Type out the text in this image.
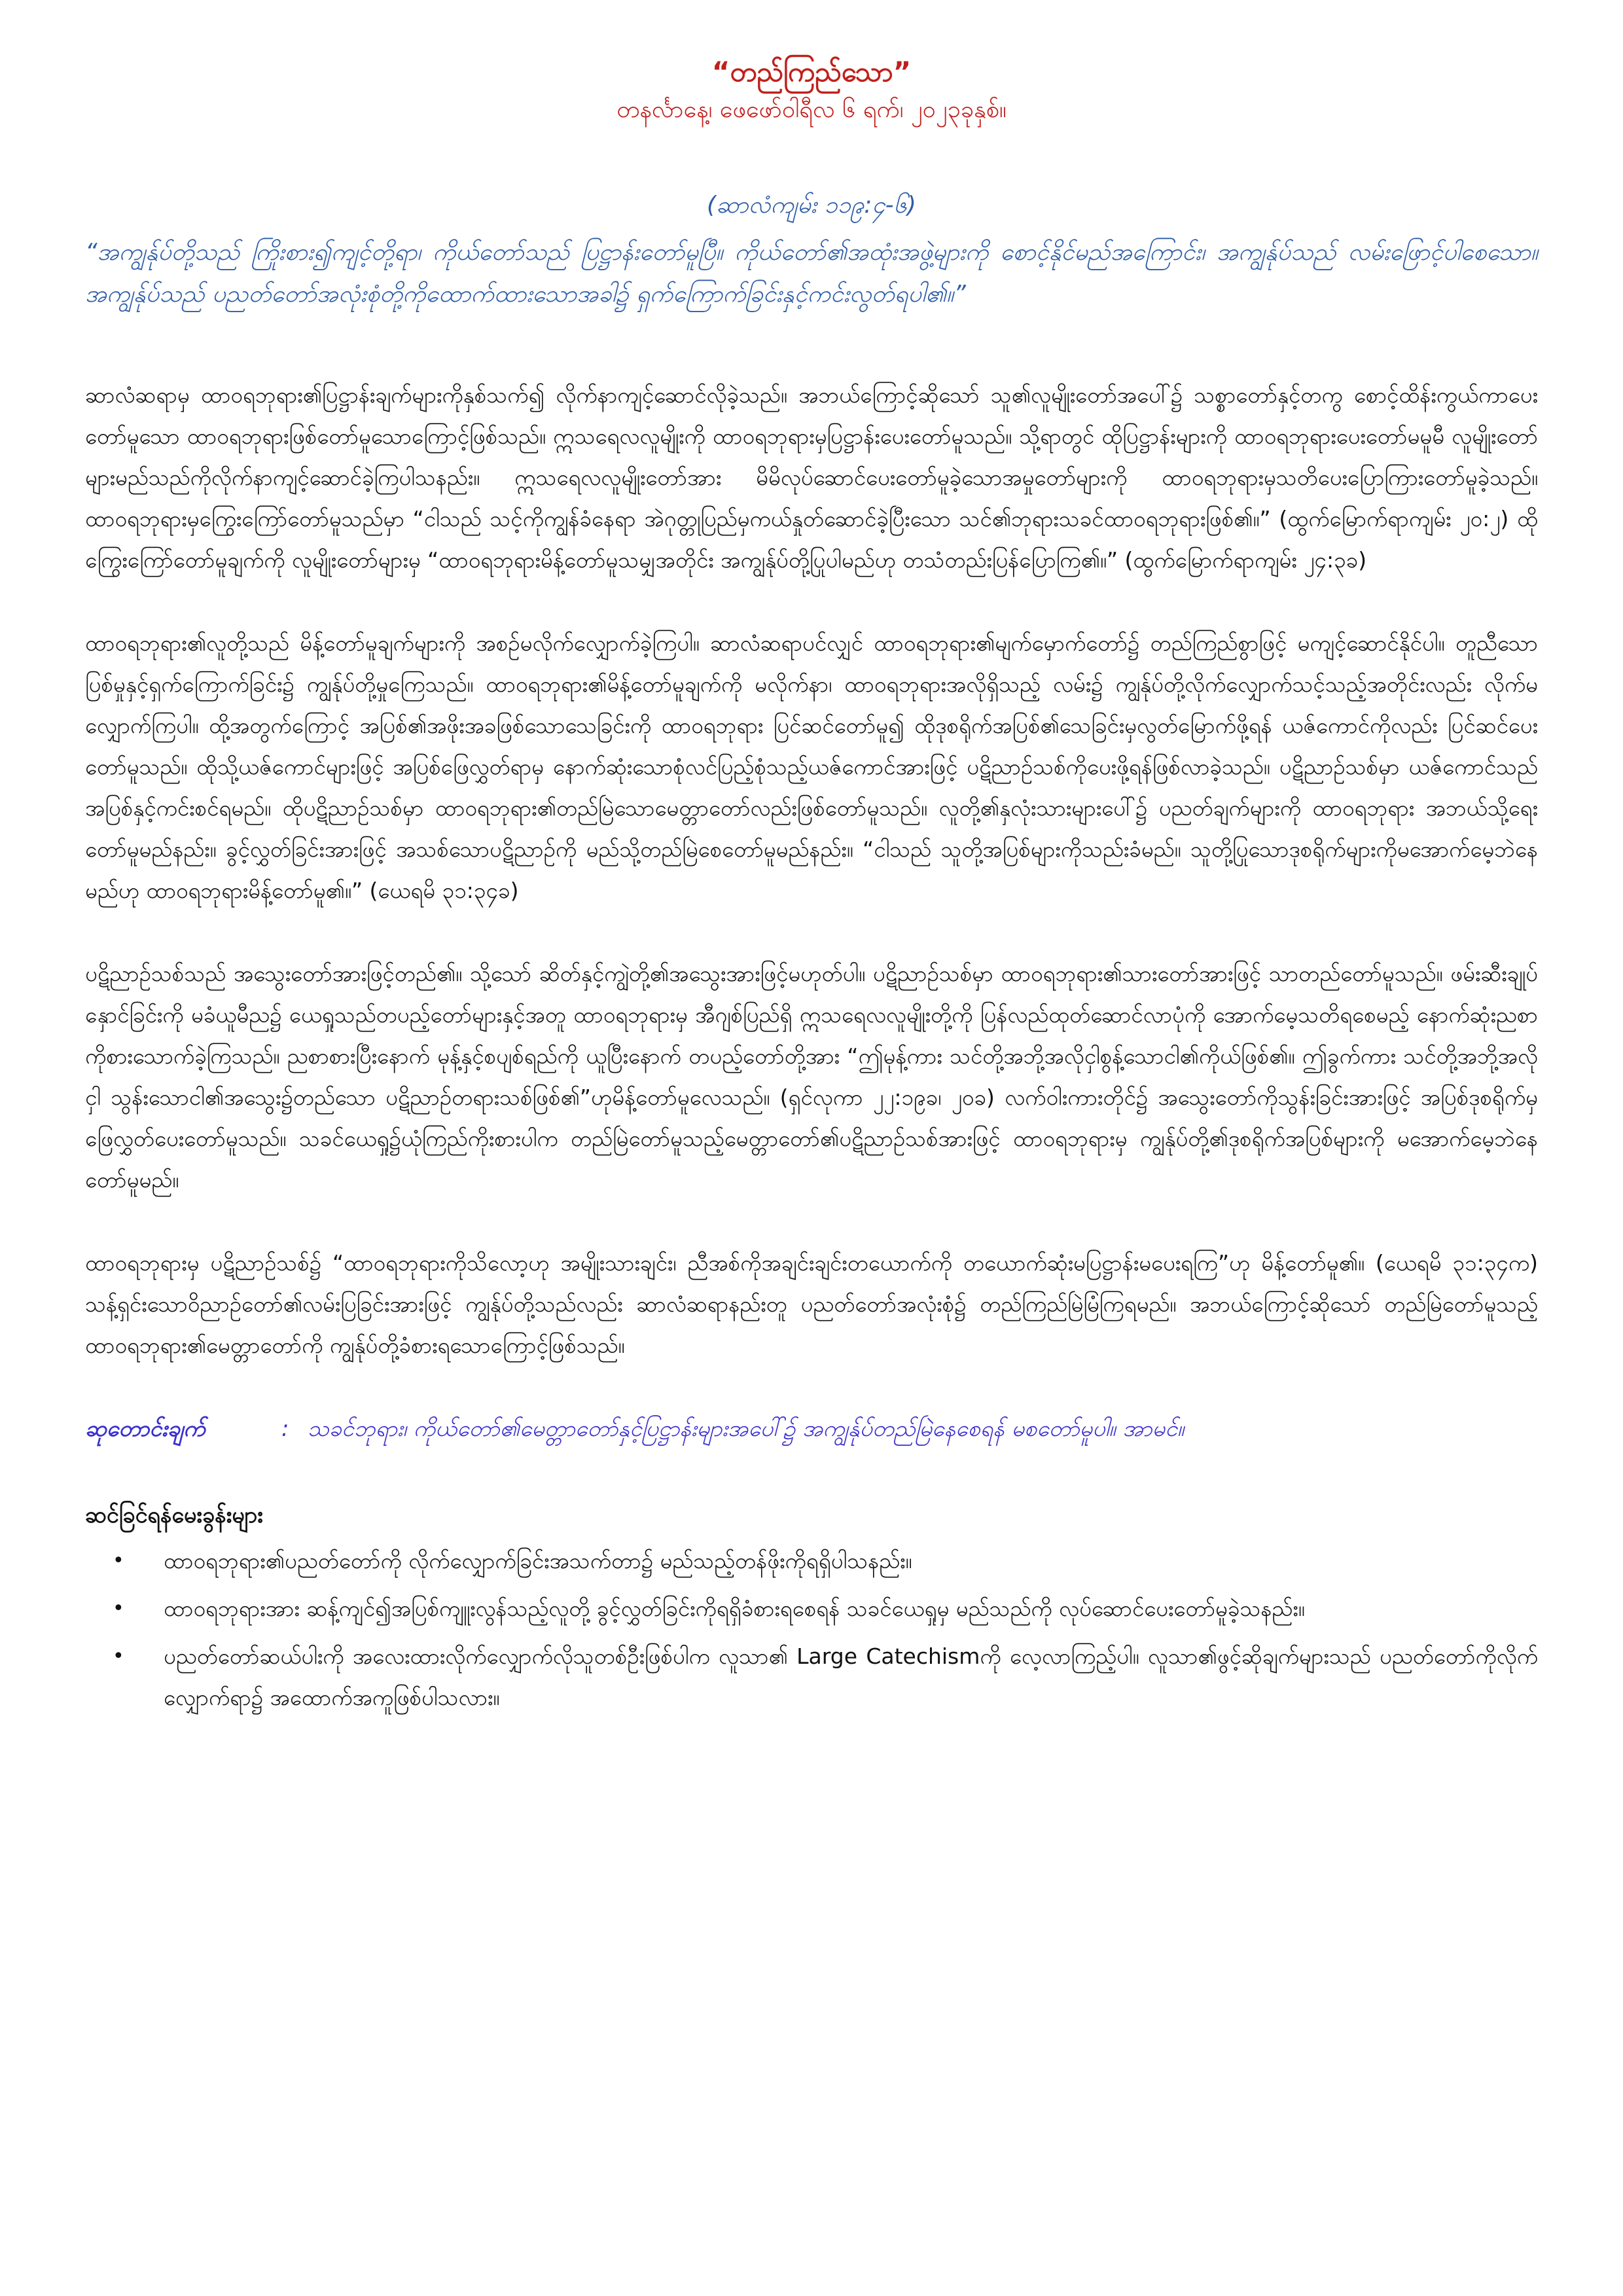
“တည်ကြည်သော”

တနင်္လာနေ့၊ ဖေဖော်ဝါရီလ ၆ ရက်၊ ၂၀၂၃ခုနှစ်။

(ဆာလံကျမ်း ၁၁၉:၄-၆)

“အကျွန်ုပ်တို့သည် ကြိုးစား၍ကျင့်တို့ရာ၊ ကိုယ်တော်သည် ပြဋ္ဌာန်းတော်မူပြီ။ ကိုယ်တော်၏အထုံးအဖွဲ့များကို စောင့်နိုင်မည်အကြောင်း၊ အကျွန်ုပ်သည် လမ်းဖြောင့်ပါစေသော။ အကျွန်ုပ်သည် ပညတ်တော်အလုံးစုံတို့ကိုထောက်ထားသောအခါ၌ ရှက်ကြောက်ခြင်းနှင့်ကင်းလွတ်ရပါ၏။”

ဆာလံဆရာမှ ထာဝရဘုရား၏ပြဋ္ဌာန်းချက်များကိုနှစ်သက်၍ လိုက်နာကျင့်ဆောင်လိုခဲ့သည်။ အဘယ်ကြောင့်ဆိုသော် သူ၏လူမျိုးတော်အပေါ်၌ သစ္စာတော်နှင့်တကွ စောင့်ထိန်းကွယ်ကာပေးတော်မူသော ထာဝရဘုရားဖြစ်တော်မူသောကြောင့်ဖြစ်သည်။ ဣသရေလလူမျိုးကို ထာဝရဘုရားမှပြဋ္ဌာန်းပေးတော်မူသည်။ သို့ရာတွင် ထိုပြဋ္ဌာန်းများကို ထာဝရဘုရားပေးတော်မမူမီ လူမျိုးတော်များမည်သည်ကိုလိုက်နာကျင့်ဆောင်ခဲ့ကြပါသနည်း။ ဣသရေလလူမျိုးတော်အား မိမိလုပ်ဆောင်ပေးတော်မူခဲ့သောအမှုတော်များကို ထာဝရဘုရားမှသတိပေးပြောကြားတော်မူခဲ့သည်။ ထာဝရဘုရားမှကြွေးကြော်တော်မူသည်မှာ “ငါသည် သင့်ကိုကျွန်ခံနေရာ အဲဂုတ္တုပြည်မှကယ်နှုတ်ဆောင်ခဲ့ပြီးသော သင်၏ဘုရားသခင်ထာဝရဘုရားဖြစ်၏။” (ထွက်မြောက်ရာကျမ်း ၂၀:၂) ထိုကြွေးကြော်တော်မူချက်ကို လူမျိုးတော်များမှ “ထာဝရဘုရားမိန့်တော်မူသမျှအတိုင်း အကျွန်ုပ်တို့ပြုပါမည်ဟု တသံတည်းပြန်ပြောကြ၏။” (ထွက်မြောက်ရာကျမ်း ၂၄:၃ခ)

ထာဝရဘုရား၏လူတို့သည် မိန့်တော်မူချက်များကို အစဉ်မလိုက်လျှောက်ခဲ့ကြပါ။ ဆာလံဆရာပင်လျှင် ထာဝရဘုရား၏မျက်မှောက်တော်၌ တည်ကြည်စွာဖြင့် မကျင့်ဆောင်နိုင်ပါ။ တူညီသောပြစ်မှုနှင့်ရှက်ကြောက်ခြင်း၌ ကျွန်ုပ်တို့မှုကြေသည်။ ထာဝရဘုရား၏မိန့်တော်မူချက်ကို မလိုက်နာ၊ ထာဝရဘုရားအလိုရှိသည့် လမ်း၌ ကျွန်ုပ်တို့လိုက်လျှောက်သင့်သည့်အတိုင်းလည်း လိုက်မလျှောက်ကြပါ။ ထို့အတွက်ကြောင့် အပြစ်၏အဖိုးအခဖြစ်သောသေခြင်းကို ထာဝရဘုရား ပြင်ဆင်တော်မူ၍ ထိုဒုစရိုက်အပြစ်၏သေခြင်းမှလွတ်မြောက်ဖို့ရန် ယဇ်ကောင်ကိုလည်း ပြင်ဆင်ပေးတော်မူသည်။ ထိုသို့ယဇ်ကောင်များဖြင့် အပြစ်ဖြေလွှတ်ရာမှ နောက်ဆုံးသောစုံလင်ပြည့်စုံသည့်ယဇ်ကောင်အားဖြင့် ပဋိညာဉ်သစ်ကိုပေးဖို့ရန်ဖြစ်လာခဲ့သည်။ ပဋိညာဉ်သစ်မှာ ယဇ်ကောင်သည်အပြစ်နှင့်ကင်းစင်ရမည်။ ထိုပဋိညာဉ်သစ်မှာ ထာဝရဘုရား၏တည်မြဲသောမေတ္တာတော်လည်းဖြစ်တော်မူသည်။ လူတို့၏နှလုံးသားများပေါ်၌ ပညတ်ချက်များကို ထာဝရဘုရား အဘယ်သို့ရေးတော်မူမည်နည်း။ ခွင့်လွှတ်ခြင်းအားဖြင့် အသစ်သောပဋိညာဉ်ကို မည်သို့တည်မြဲစေတော်မူမည်နည်း။ “ငါသည် သူတို့အပြစ်များကိုသည်းခံမည်။ သူတို့ပြုသောဒုစရိုက်များကိုမအောက်မေ့ဘဲနေမည်ဟု ထာဝရဘုရားမိန့်တော်မူ၏။” (ယေရမိ ၃၁:၃၄ခ)

ပဋိညာဉ်သစ်သည် အသွေးတော်အားဖြင့်တည်၏။ သို့သော် ဆိတ်နှင့်ကျွဲတို့၏အသွေးအားဖြင့်မဟုတ်ပါ။ ပဋိညာဉ်သစ်မှာ ထာဝရဘုရား၏သားတော်အားဖြင့် သာတည်တော်မူသည်။ ဖမ်းဆီးချုပ်နှောင်ခြင်းကို မခံယူမီည၌ ယေရှုသည်တပည့်တော်များနှင့်အတူ ထာဝရဘုရားမှ အီဂျစ်ပြည်ရှိ ဣသရေလလူမျိုးတို့ကို ပြန်လည်ထုတ်ဆောင်လာပုံကို အောက်မေ့သတိရစေမည့် နောက်ဆုံးညစာကိုစားသောက်ခဲ့ကြသည်။ ညစာစားပြီးနောက် မုန့်နှင့်စပျစ်ရည်ကို ယူပြီးနောက် တပည့်တော်တို့အား “ဤမုန့်ကား သင်တို့အဘို့အလိုငှါစွန့်သောငါ၏ကိုယ်ဖြစ်၏။ ဤခွက်ကား သင်တို့အဘို့အလိုငှါ သွန်းသောငါ၏အသွေး၌တည်သော ပဋိညာဉ်တရားသစ်ဖြစ်၏”ဟုမိန့်တော်မူလေသည်။ (ရှင်လုကာ ၂၂:၁၉ခ၊ ၂၀ခ) လက်ဝါးကားတိုင်၌ အသွေးတော်ကိုသွန်းခြင်းအားဖြင့် အပြစ်ဒုစရိုက်မှ ဖြေလွှတ်ပေးတော်မူသည်။ သခင်ယေရှု၌ယုံကြည်ကိုးစားပါက တည်မြဲတော်မူသည့်မေတ္တာတော်၏ပဋိညာဉ်သစ်အားဖြင့် ထာဝရဘုရားမှ ကျွန်ုပ်တို့၏ဒုစရိုက်အပြစ်များကို မအောက်မေ့ဘဲနေတော်မူမည်။

ထာဝရဘုရားမှ ပဋိညာဉ်သစ်၌ “ထာဝရဘုရားကိုသိလော့ဟု အမျိုးသားချင်း၊ ညီအစ်ကိုအချင်းချင်းတယောက်ကို တယောက်ဆုံးမပြဋ္ဌာန်းမပေးရကြ”ဟု မိန့်တော်မူ၏။ (ယေရမိ ၃၁:၃၄က) သန့်ရှင်းသောဝိညာဉ်တော်၏လမ်းပြခြင်းအားဖြင့် ကျွန်ုပ်တို့သည်လည်း ဆာလံဆရာနည်းတူ ပညတ်တော်အလုံးစုံ၌ တည်ကြည်မြဲမြံကြရမည်။ အဘယ်ကြောင့်ဆိုသော် တည်မြဲတော်မူသည့်ထာဝရဘုရား၏မေတ္တာတော်ကို ကျွန်ုပ်တို့ခံစားရသောကြောင့်ဖြစ်သည်။

ဆုတောင်းချက်	: သခင်ဘုရား၊ ကိုယ်တော်၏မေတ္တာတော်နှင့်ပြဋ္ဌာန်းများအပေါ်၌ အကျွန်ုပ်တည်မြဲနေစေရန် မစတော်မူပါ။ အာမင်။

ဆင်ခြင်ရန်မေးခွန်းများ

• ထာဝရဘုရား၏ပညတ်တော်ကို လိုက်လျှောက်ခြင်းအသက်တာ၌ မည်သည့်တန်ဖိုးကိုရရှိပါသနည်း။
• ထာဝရဘုရားအား ဆန့်ကျင်၍အပြစ်ကျူးလွန်သည့်လူတို့ ခွင့်လွှတ်ခြင်းကိုရရှိခံစားရစေရန် သခင်ယေရှုမှ မည်သည်ကို လုပ်ဆောင်ပေးတော်မူခဲ့သနည်း။
• ပညတ်တော်ဆယ်ပါးကို အလေးထားလိုက်လျှောက်လိုသူတစ်ဦးဖြစ်ပါက လူသာ၏ Large Catechismကို လေ့လာကြည့်ပါ။ လူသာ၏ဖွင့်ဆိုချက်များသည် ပညတ်တော်ကိုလိုက်လျှောက်ရာ၌ အထောက်အကူဖြစ်ပါသလား။
